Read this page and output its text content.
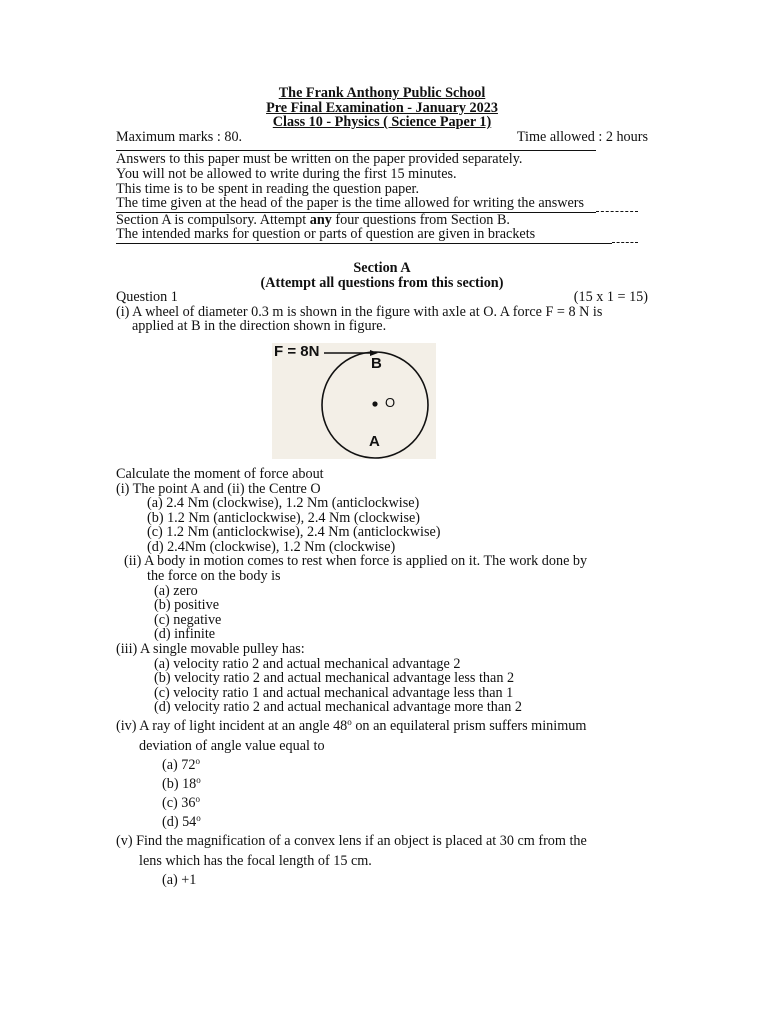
The Frank Anthony Public School
Pre Final Examination - January 2023
Class 10 - Physics ( Science Paper 1)
Maximum marks : 80.	Time allowed : 2 hours
Answers to this paper must be written on the paper provided separately.
You will not be allowed to write during the first 15 minutes.
This time is to be spent in reading the question paper.
The time given at the head of the paper is the time allowed for writing the answers
Section A is compulsory. Attempt any four questions from Section B.
The intended marks for question or parts of question are given in brackets
Section A
(Attempt all questions from this section)
Question 1	(15 x 1 = 15)
(i) A wheel of diameter 0.3 m is shown in the figure with axle at O. A force F = 8 N is
applied at B in the direction shown in figure.
F = 8N
B
O
A
Calculate the moment of force about
(i) The point A and (ii) the Centre O
(a) 2.4 Nm (clockwise), 1.2 Nm (anticlockwise)
(b) 1.2 Nm (anticlockwise), 2.4 Nm (clockwise)
(c) 1.2 Nm (anticlockwise), 2.4 Nm (anticlockwise)
(d) 2.4Nm (clockwise), 1.2 Nm (clockwise)
(ii) A body in motion comes to rest when force is applied on it. The work done by
the force on the body is
(a) zero
(b) positive
(c) negative
(d) infinite
(iii) A single movable pulley has:
(a) velocity ratio 2 and actual mechanical advantage 2
(b) velocity ratio 2 and actual mechanical advantage less than 2
(c) velocity ratio 1 and actual mechanical advantage less than 1
(d) velocity ratio 2 and actual mechanical advantage more than 2
(iv) A ray of light incident at an angle 48$^o$ on an equilateral prism suffers minimum
deviation of angle value equal to
(a) 72$^o$
(b) 18$^o$
(c) 36$^o$
(d) 54$^o$
(v) Find the magnification of a convex lens if an object is placed at 30 cm from the
lens which has the focal length of 15 cm.
(a) +1
